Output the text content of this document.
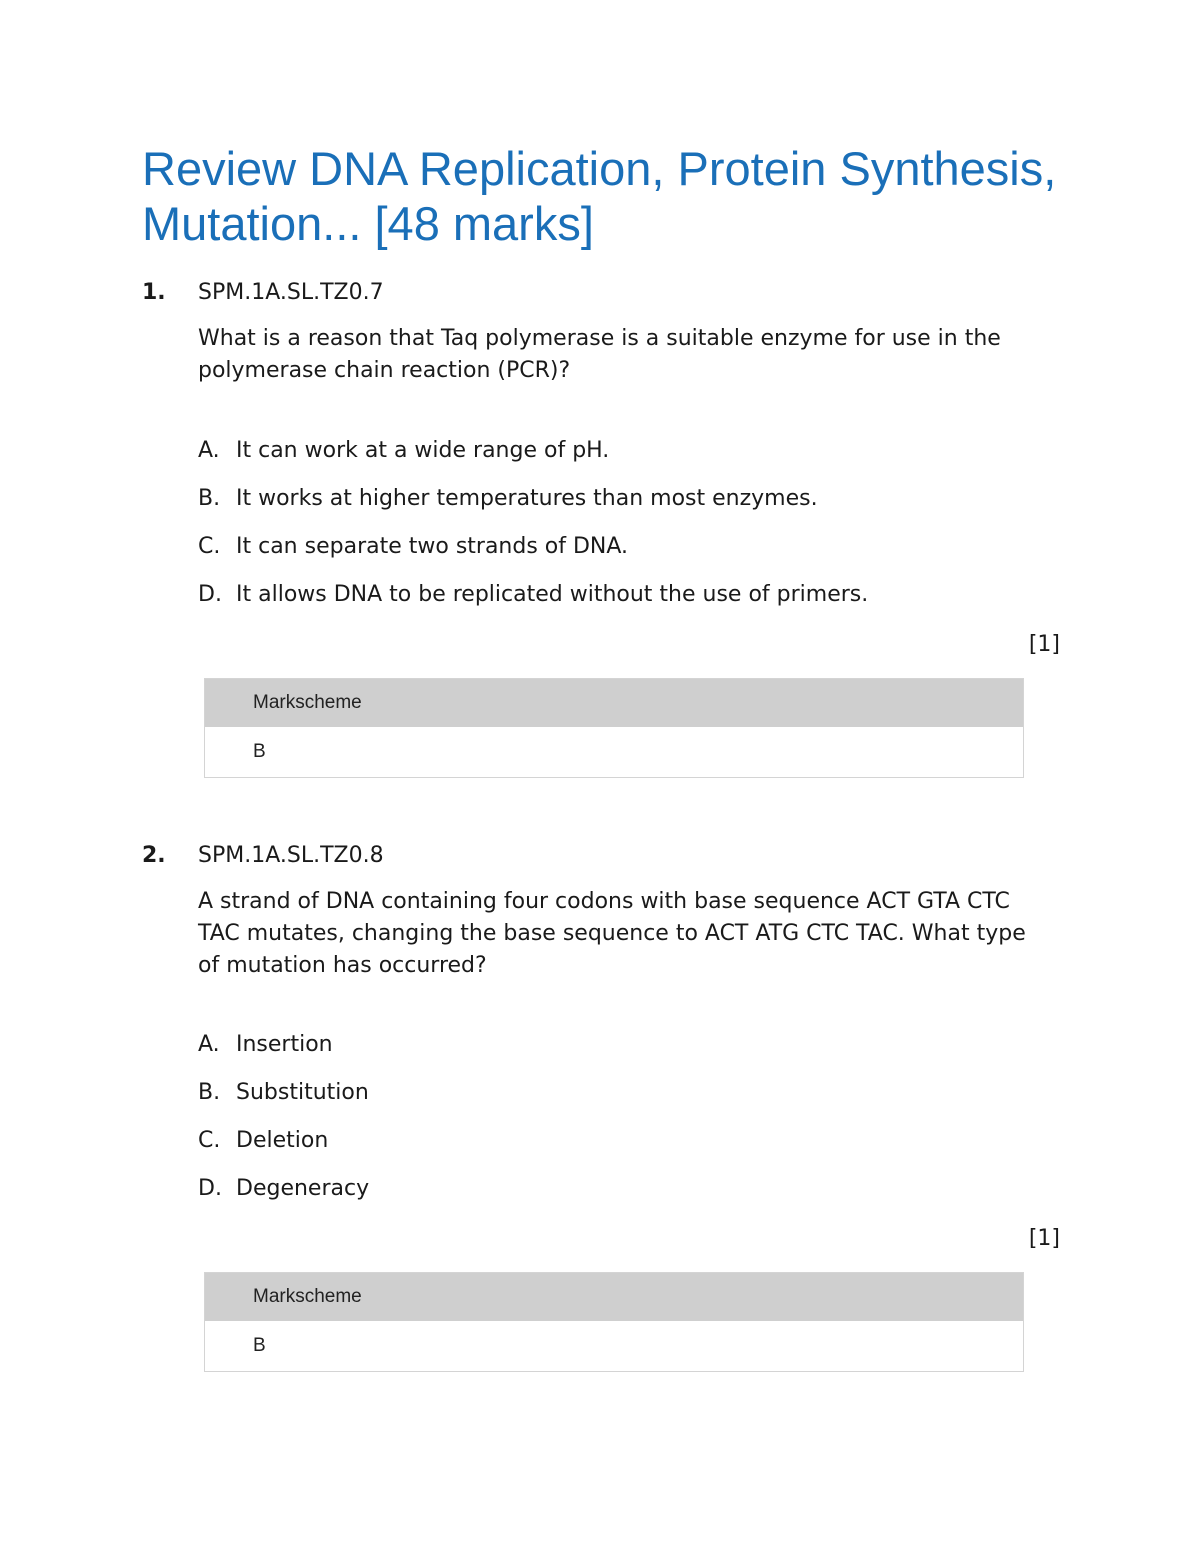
Review DNA Replication, Protein Synthesis, Mutation... [48 marks]
1. SPM.1A.SL.TZ0.7

What is a reason that Taq polymerase is a suitable enzyme for use in the polymerase chain reaction (PCR)?

A. It can work at a wide range of pH.
B. It works at higher temperatures than most enzymes.
C. It can separate two strands of DNA.
D. It allows DNA to be replicated without the use of primers.
[1]
Markscheme
B
2. SPM.1A.SL.TZ0.8

A strand of DNA containing four codons with base sequence ACT GTA CTC TAC mutates, changing the base sequence to ACT ATG CTC TAC. What type of mutation has occurred?

A. Insertion
B. Substitution
C. Deletion
D. Degeneracy
[1]
Markscheme
B
